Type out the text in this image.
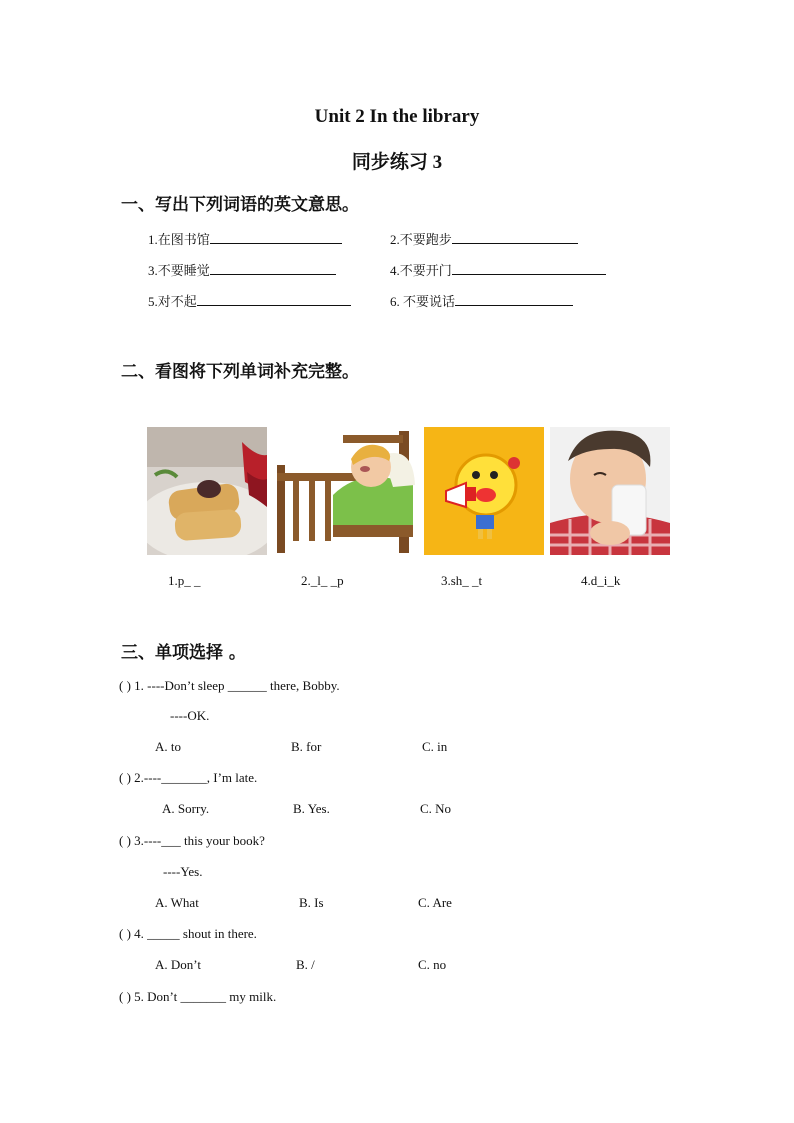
Unit 2 In the library
同步练习 3
一、写出下列词语的英文意思。
1.在图书馆	2.不要跑步
3.不要睡觉	4.不要开门
5.对不起	6. 不要说话
二、看图将下列单词补充完整。
1.p_ _	2._l_ _p	3.sh_ _t	4.d_i_k
三、单项选择 。
( ) 1. ----Don’t sleep ______ there, Bobby.
----OK.
A. to	B. for	C. in
( ) 2.----_______, I’m late.
A. Sorry.	B. Yes.	C. No
( ) 3.----___ this your book?
----Yes.
A. What	B. Is	C. Are
( ) 4. _____ shout in there.
A. Don’t	B. /	C. no
( ) 5. Don’t _______ my milk.
